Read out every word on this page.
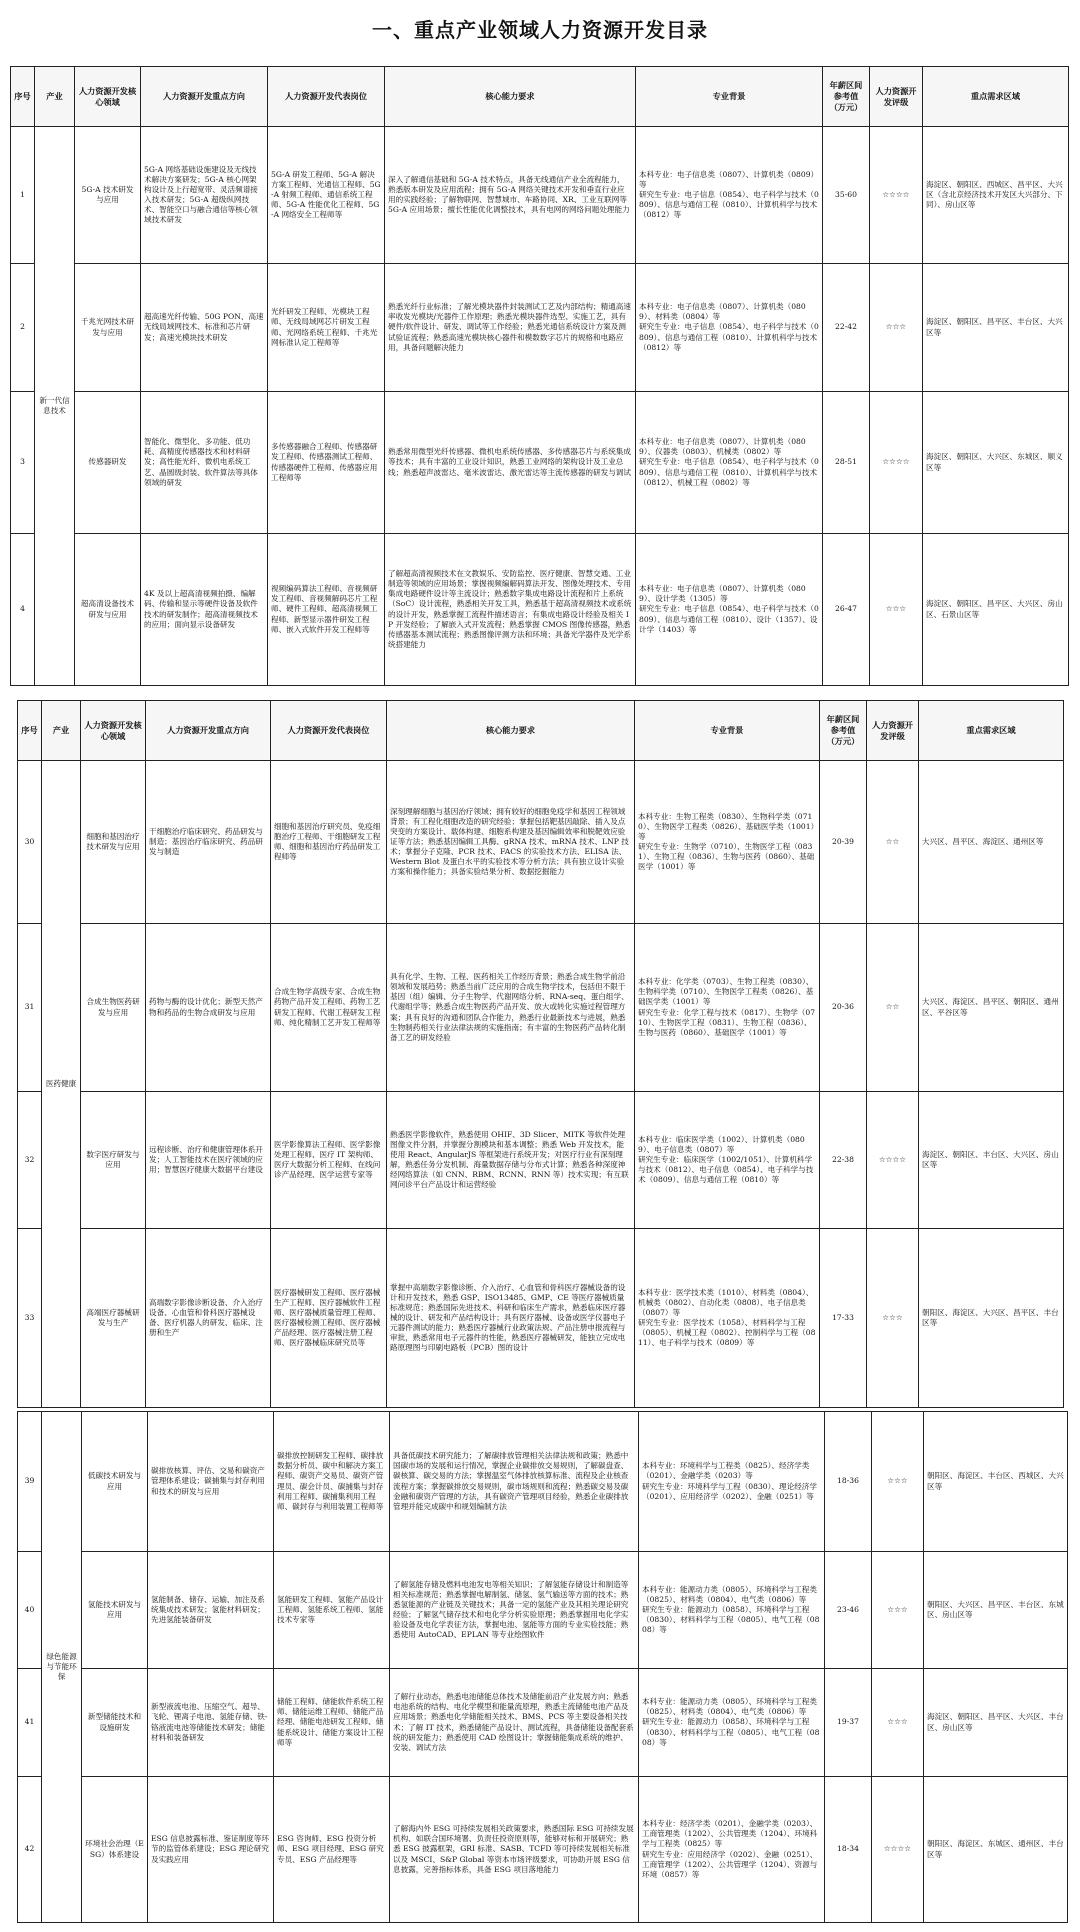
一、重点产业领域人力资源开发目录
序号	产业	人力资源开发核心领域	人力资源开发重点方向	人力资源开发代表岗位	核心能力要求	专业背景	年薪区间参考值（万元）	人力资源开发评级	重点需求区域
1	新一代信息技术	5G-A 技术研发与应用	5G-A 网络基础设施建设及无线技术解决方案研发；5G-A 核心网架构设计及上行超宽带、灵活频谱接入技术研发；5G-A 超级纵网技术、智能空口与融合通信等核心领域技术研发	5G-A 研发工程师、5G-A 解决方案工程师、光通信工程师、5G-A 射频工程师、通信系统工程师、5G-A 性能优化工程师、5G-A 网络安全工程师等	深入了解通信基础和 5G-A 技术特点，具备无线通信产业全流程能力，熟悉版本研发及应用流程；拥有 5G-A 网络关键技术开发和垂直行业应用的实践经验；了解物联网、智慧城市、车路协同、XR、工业互联网等 5G-A 应用场景；擅长性能优化调整技术，具有电网的网络问题处理能力	本科专业：电子信息类（0807）、计算机类（0809）等
研究生专业：电子信息（0854）、电子科学与技术（0809）、信息与通信工程（0810）、计算机科学与技术（0812）等	35-60	☆☆☆☆	海淀区、朝阳区、西城区、昌平区、大兴区（含北京经济技术开发区大兴部分、下同）、房山区等
2		千兆光网技术研发与应用	超高速光纤传输、50G PON、高速无线局域网技术、标准和芯片研发；高速光模块技术研发	光纤研发工程师、光模块工程师、无线局域网芯片研发工程师、光网络系统工程师、千兆光网标准认定工程师等	熟悉光纤行业标准；了解光模块器件封装测试工艺及内部结构；精通高速率收发光模块/光器件工作原理；熟悉光模块器件选型、实施工艺，具有硬件/软件设计、研发、调试等工作经验；熟悉光通信系统设计方案及测试验证流程；熟悉高速光模块核心器件和模数数字芯片的规格和电路应用，具备问题解决能力	本科专业：电子信息类（0807）、计算机类（0809）、材料类（0804）等
研究生专业：电子信息（0854）、电子科学与技术（0809）、信息与通信工程（0810）、计算机科学与技术（0812）等	22-42	☆☆☆	海淀区、朝阳区、昌平区、丰台区、大兴区等
3		传感器研发	智能化、微型化、多功能、低功耗、高精度传感器技术和材料研发；高性能光纤、微机电系统工艺、晶圆级封装、软件算法等具体领域的研发	多传感器融合工程师、传感器研发工程师、传感器测试工程师、传感器硬件工程师、传感器应用工程师等	熟悉常用微型光纤传感器、微机电系统传感器、多传感器芯片与系统集成等技术；具有丰富的工业设计知识，熟悉工业网络的架构设计及工业总线；熟悉超声波雷达、毫米波雷达、激光雷达等主流传感器的研发与调试	本科专业：电子信息类（0807）、计算机类（0809）、仪器类（0803）、机械类（0802）等
研究生专业：电子信息（0854）、电子科学与技术（0809）、信息与通信工程（0810）、计算机科学与技术（0812）、机械工程（0802）等	28-51	☆☆☆☆	海淀区、朝阳区、大兴区、东城区、顺义区等
4		超高清设备技术研发与应用	4K 及以上超高清视频拍摄、编解码、传输和显示等硬件设备及软件技术的研发制作；超高清视频技术的应用；面向显示设备研发	视频编码算法工程师、音视频研发工程师、音视频解码芯片工程师、硬件工程师、超高清视频工程师、新型显示器件研发工程师、嵌入式软件开发工程师等	了解超高清视频技术在文教娱乐、安防监控、医疗健康、智慧交通、工业制造等领域的应用场景；掌握视频编解码算法开发、图像处理技术、专用集成电路硬件设计等主流设计；熟悉数字集成电路设计流程和片上系统（SoC）设计流程，熟悉相关开发工具，熟悉基于超高清视频技术或系统的设计开发，熟悉掌握工流程件描述语言；有集成电路设计经验及相关 IP 开发经验；了解嵌入式开发流程；熟悉掌握 CMOS 图像传感器，熟悉传感器基本测试流程；熟悉图像评测方法和环境；具备光学器件及光学系统搭建能力	本科专业：电子信息类（0807）、计算机类（0809）、设计学类（1305）等
研究生专业：电子信息（0854）、电子科学与技术（0809）、信息与通信工程（0810）、设计（1357）、设计学（1403）等	26-47	☆☆☆	海淀区、朝阳区、昌平区、大兴区、房山区、石景山区等
序号	产业	人力资源开发核心领域	人力资源开发重点方向	人力资源开发代表岗位	核心能力要求	专业背景	年薪区间参考值（万元）	人力资源开发评级	重点需求区域
30	医药健康	细胞和基因治疗技术研发与应用	干细胞治疗临床研究、药品研发与制造；基因治疗临床研究、药品研发与制造	细胞和基因治疗研究员、免疫细胞治疗工程师、干细胞研发工程师、细胞和基因治疗药品研发工程师等	深刻理解细胞与基因治疗领域；拥有较好的细胞免疫学和基因工程领域背景；有工程化细胞改造的研究经验；掌握包括靶基因敲除、插入及点突变的方案设计、载体构建、细胞系构建及基因编辑效率和脱靶效应验证等方法；熟悉基因编辑工具酶、gRNA 技术、mRNA 技术、LNP 技术；掌握分子克隆、PCR 技术、FACS 的实验技术方法、ELISA 法、Western Blot 及蛋白水平的实验技术等分析方法；具有独立设计实验方案和操作能力；具备实验结果分析、数据挖掘能力	本科专业：生物工程类（0830）、生物科学类（0710）、生物医学工程类（0826）、基础医学类（1001）等
研究生专业：生物学（0710）、生物医学工程（0831）、生物工程（0836）、生物与医药（0860）、基础医学（1001）等	20-39	☆☆	大兴区、昌平区、海淀区、通州区等
31		合成生物医药研发与应用	药物与酶的设计优化；新型天然产物和药品的生物合成研发与应用	合成生物学高级专家、合成生物药物产品开发工程师、药物工艺研发工程师、代谢工程研发工程师、纯化精制工艺开发工程师等	具有化学、生物、工程、医药相关工作经历背景；熟悉合成生物学前沿领域和发展趋势；熟悉当前广泛应用的合成生物学技术，包括但不限于基因（组）编辑、分子生物学、代谢网络分析、RNA-seq、蛋白组学、代谢组学等；熟悉合成生物医药产品开发、放大或转化实施过程管理方案；具有良好的沟通和团队合作能力，熟悉行业最新技术与进展，熟悉生物制药相关行业法律法规的实施指南；有丰富的生物医药产品转化制备工艺的研发经验	本科专业：化学类（0703）、生物工程类（0830）、生物科学类（0710）、生物医学工程类（0826）、基础医学类（1001）等
研究生专业：化学工程与技术（0817）、生物学（0710）、生物医学工程（0831）、生物工程（0836）、生物与医药（0860）、基础医学（1001）等	20-36	☆☆	大兴区、海淀区、昌平区、朝阳区、通州区、平谷区等
32		数字医疗研发与应用	远程诊断、治疗和健康管理体系开发；人工智能技术在医疗领域的应用；智慧医疗健康大数据平台建设	医学影像算法工程师、医学影像处理工程师、医疗 IT 架构师、医疗大数据分析工程师、在线问诊产品经理、医学运营专家等	熟悉医学影像软件，熟悉使用 OHIF、3D Slicer、MITK 等软件处理图像文件分割，并掌握分割模块和基本调整；熟悉 Web 开发技术，能使用 React、AngularJS 等框架进行系统开发；对医疗行业有深刻理解，熟悉任务分发机制、海量数据存储与分布式计算；熟悉各种深度神经网络算法（如 CNN、RBM、RCNN、RNN 等）技术实现；有互联网问诊平台产品设计和运营经验	本科专业：临床医学类（1002）、计算机类（0809）、电子信息类（0807）等
研究生专业：临床医学（1002/1051）、计算机科学与技术（0812）、电子信息（0854）、电子科学与技术（0809）、信息与通信工程（0810）等	22-38	☆☆☆☆	海淀区、朝阳区、丰台区、大兴区、房山区等
33		高端医疗器械研发与生产	高端数字影像诊断设备、介入治疗设备、心血管和骨科医疗器械设备、医疗机器人的研发、临床、注册和生产	医疗器械研发工程师、医疗器械生产工程师、医疗器械软件工程师、医疗器械质量管理工程师、医疗器械检测工程师、医疗器械产品经理、医疗器械注册工程师、医疗器械临床研究员等	掌握中高端数字影像诊断、介入治疗、心血管和骨科医疗器械设备的设计和开发技术，熟悉 GSP、ISO13485、GMP、CE 等医疗器械质量标准规范；熟悉国际先进技术、科研和临床生产需求，熟悉临床医疗器械的设计、研发和产品结构设计；具有医疗器械、设备或医学仪器电子元器件测试的能力；熟悉医疗器械行业政策法规、产品注册申报流程与审批，熟悉常用电子元器件的性能，熟悉医疗器械研发，能独立完成电路原理图与印刷电路板（PCB）图的设计	本科专业：医学技术类（1010）、材料类（0804）、机械类（0802）、自动化类（0808）、电子信息类（0807）等
研究生专业：医学技术（1058）、材料科学与工程（0805）、机械工程（0802）、控制科学与工程（0811）、电子科学与技术（0809）等	17-33	☆☆☆	朝阳区、海淀区、大兴区、昌平区、丰台区等
39	绿色能源与节能环保	低碳技术研发与应用	碳排放核算、评估、交易和碳资产管理体系建设；碳捕集与封存利用和技术的研发与应用	碳排放控制研发工程师、碳排放数据分析员、碳中和解决方案工程师、碳资产交易员、碳资产管理员、碳会计员、碳捕集与封存利用工程师、碳捕集利用工程师、碳封存与利用装置工程师等	具备低碳技术研究能力；了解碳排放管理相关法律法规和政策；熟悉中国碳市场的发展和运行情况，掌握企业碳排放交易规则，了解碳盘查、碳核算、碳交易的方法；掌握温室气体排放核算标准、流程及企业核查流程方案；掌握碳排放交易规则，碳市场规则和流程；熟悉碳交易及碳金融和碳资产管理的方法，具有碳资产管理项目经验，熟悉企业碳排放管理并能完成碳中和规划编制方法	本科专业：环境科学与工程类（0825）、经济学类（0201）、金融学类（0203）等
研究生专业：环境科学与工程（0830）、理论经济学（0201）、应用经济学（0202）、金融（0251）等	18-36	☆☆☆	朝阳区、海淀区、丰台区、西城区、大兴区等
40		氢能技术研发与应用	氢能制备、储存、运输、加注及系统集成技术研发；氢能材料研发；先进氢能装备研发	氢能研发工程师、氢能产品设计工程师、氢能系统工程师、氢能技术专家等	了解氢能存储及燃料电池发电等相关知识；了解氢能存储设计和制造等相关标准规范；熟悉掌握电解制氢、储氢、氢气输送等方面的技术；熟悉氢能源的产业链及关键技术；具备一定的氢能产业及其相关理论研究经验；了解氢气储存技术和电化学分析实验原理；熟悉掌握用电化学实验设备及电化学表征方法，掌握电池、氢能等方面的专业实验技能；熟悉使用 AutoCAD、EPLAN 等专业绘图软件	本科专业：能源动力类（0805）、环境科学与工程类（0825）、材料类（0804）、电气类（0806）等
研究生专业：能源动力（0858）、环境科学与工程（0830）、材料科学与工程（0805）、电气工程（0808）等	23-46	☆☆☆	朝阳区、大兴区、昌平区、丰台区、东城区、房山区等
41		新型储能技术和设施研发	新型液流电池、压缩空气、超导、飞轮、锂离子电池、氢能存储、铁-铬液流电池等储能技术研发；储能材料和装备研发	储能工程师、储能软件系统工程师、储能运维工程师、储能产品经理、储能电池研发工程师、储能系统设计、储能方案设计工程师等	了解行业动态，熟悉电池储能总体技术及储能前沿产业发展方向；熟悉电池系统的结构、电化学模型和能量流原理，熟悉主流储能电池产品及应用场景；熟悉电化学储能相关技术、BMS、PCS 等主要设备相关技术；了解 IT 技术，熟悉储能产品设计、测试流程，具备储能设备配套系统的研发能力；熟悉使用 CAD 绘图设计；掌握储能集成系统的维护、安装、调试方法	本科专业：能源动力类（0805）、环境科学与工程类（0825）、材料类（0804）、电气类（0806）等
研究生专业：能源动力（0858）、环境科学与工程（0830）、材料科学与工程（0805）、电气工程（0808）等	19-37	☆☆☆	海淀区、朝阳区、昌平区、大兴区、丰台区、房山区等
42		环境社会治理（ESG）体系建设	ESG 信息披露标准、鉴证制度等环节的监管体系建设；ESG 理论研究及实践应用	ESG 咨询师、ESG 投资分析师、ESG 项目经理、ESG 研究专员、ESG 产品经理等	了解海内外 ESG 可持续发展相关政策要求，熟悉国际 ESG 可持续发展机构、如联合国环境署、负责任投资原则等，能够对标和开展研究；熟悉 ESG 披露框架，GRI 标准、SASB、TCFD 等可持续发展相关标准以及 MSCI、S&P Global 等资本市场评级要求，可协助开展 ESG 信息披露，完善指标体系，具备 ESG 项目落地能力	本科专业：经济学类（0201）、金融学类（0203）、工商管理类（1202）、公共管理类（1204）、环境科学与工程类（0825）等
研究生专业：应用经济学（0202）、金融（0251）、工商管理学（1202）、公共管理学（1204）、资源与环境（0857）等	18-34	☆☆☆☆	朝阳区、海淀区、东城区、通州区、丰台区等
